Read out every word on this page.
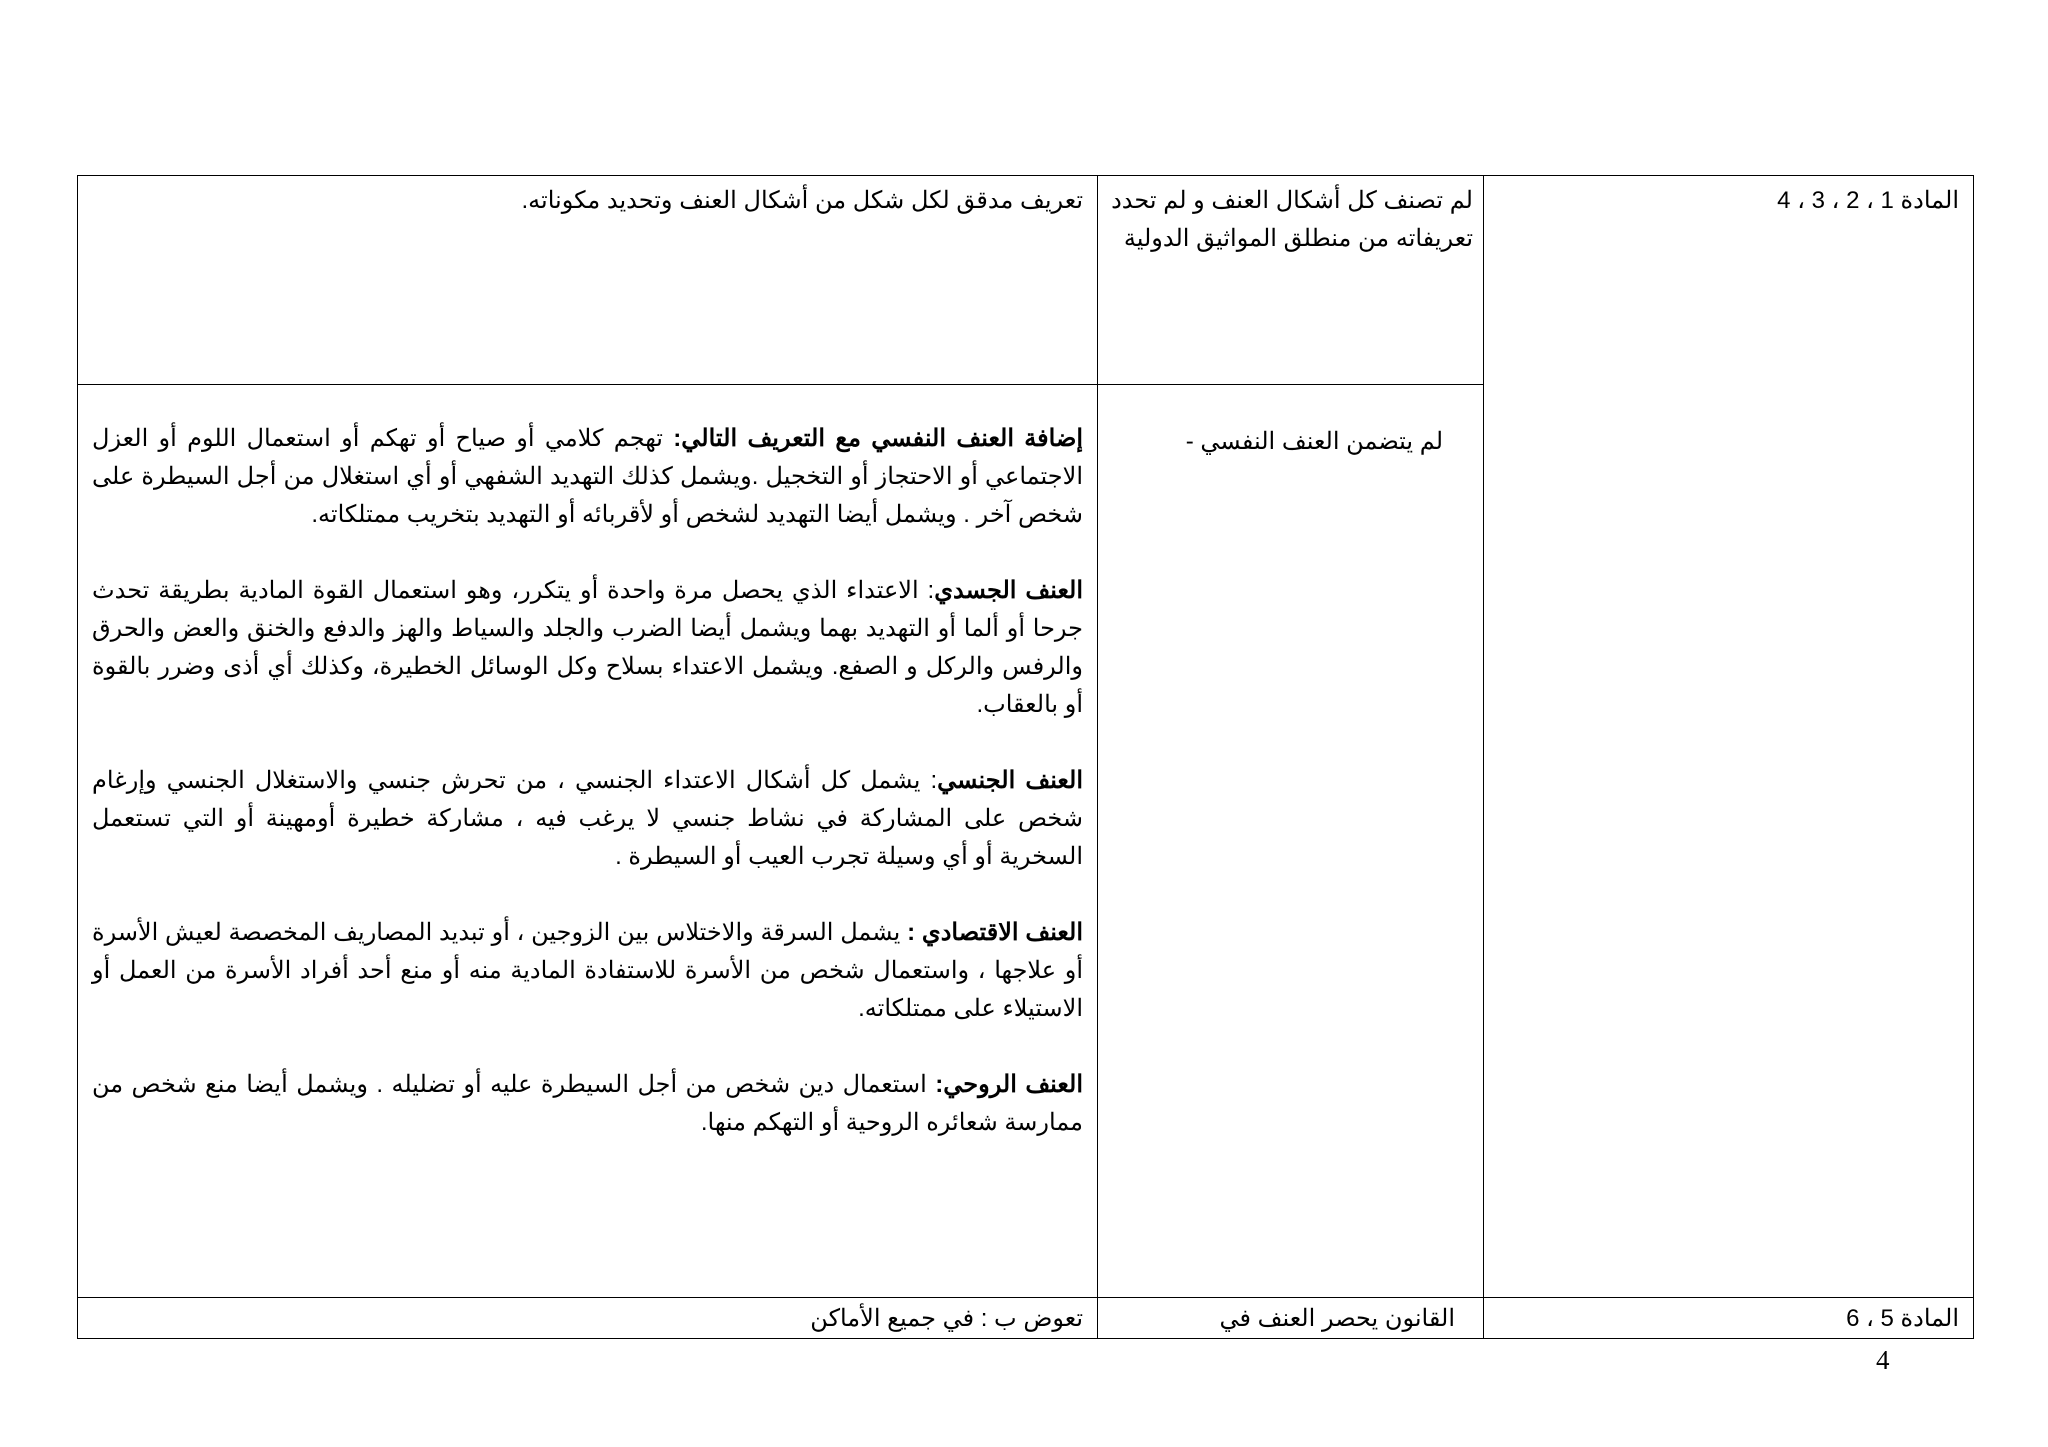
المادة 1 ، 2 ، 3 ، 4	لم تصنف كل أشكال العنف و لم تحدد تعريفاته من منطلق المواثيق الدولية	تعريف مدقق لكل شكل من أشكال العنف وتحديد مكوناته.

	لم يتضمن العنف النفسي -	إضافة العنف النفسي مع التعريف التالي: تهجم كلامي أو صياح أو تهكم أو استعمال اللوم أو العزل الاجتماعي أو الاحتجاز أو التخجيل .ويشمل كذلك التهديد الشفهي أو أي استغلال من أجل السيطرة على شخص آخر . ويشمل أيضا التهديد لشخص أو لأقربائه أو التهديد بتخريب ممتلكاته.

العنف الجسدي: الاعتداء الذي يحصل مرة واحدة أو يتكرر، وهو استعمال القوة المادية بطريقة تحدث جرحا أو ألما أو التهديد بهما ويشمل أيضا الضرب والجلد والسياط والهز والدفع والخنق والعض والحرق والرفس والركل و الصفع. ويشمل الاعتداء بسلاح وكل الوسائل الخطيرة، وكذلك أي أذى وضرر بالقوة أو بالعقاب.

العنف الجنسي: يشمل كل أشكال الاعتداء الجنسي ، من تحرش جنسي والاستغلال الجنسي وإرغام شخص على المشاركة في نشاط جنسي لا يرغب فيه ، مشاركة خطيرة أومهينة أو التي تستعمل السخرية أو أي وسيلة تجرب العيب أو السيطرة .

العنف الاقتصادي : يشمل السرقة والاختلاس بين الزوجين ، أو تبديد المصاريف المخصصة لعيش الأسرة أو علاجها ، واستعمال شخص من الأسرة للاستفادة المادية منه أو منع أحد أفراد الأسرة من العمل أو الاستيلاء على ممتلكاته.

العنف الروحي: استعمال دين شخص من أجل السيطرة عليه أو تضليله . ويشمل أيضا منع شخص من ممارسة شعائره الروحية أو التهكم منها.

المادة 5 ، 6	القانون يحصر العنف في	تعوض ب : في جميع الأماكن
4
